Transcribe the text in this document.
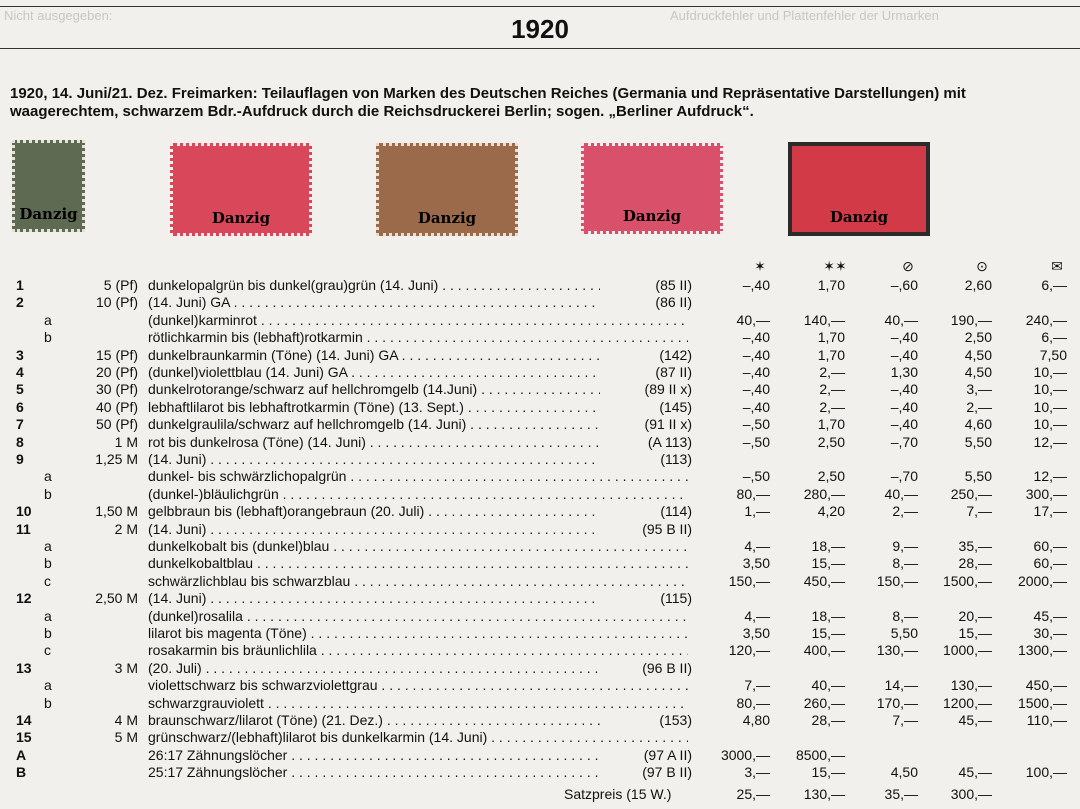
Nicht ausgegeben:	Aufdruckfehler und Plattenfehler der Urmarken
1920
1920, 14. Juni/21. Dez. Freimarken: Teilauflagen von Marken des Deutschen Reiches (Germania und Repräsentative Darstellungen) mit waagerechtem, schwarzem Bdr.-Aufdruck durch die Reichsdruckerei Berlin; sogen. „Berliner Aufdruck“.
Danzig	Danzig	Danzig	Danzig	Danzig
✶	✶✶	⊘	⊙	✉
1	5 (Pf) dunkelopalgrün bis dunkel(grau)grün (14. Juni) . . .	(85 II)	–,40	1,70	–,60	2,60	6,—
2	10 (Pf) (14. Juni) GA . . .	(86 II)
a	(dunkel)karminrot . . .	40,—	140,—	40,—	190,—	240,—
b	rötlichkarmin bis (lebhaft)rotkarmin . . .	–,40	1,70	–,40	2,50	6,—
3	15 (Pf) dunkelbraunkarmin (Töne) (14. Juni) GA . . .	(142)	–,40	1,70	–,40	4,50	7,50
4	20 (Pf) (dunkel)violettblau (14. Juni) GA . . .	(87 II)	–,40	2,—	1,30	4,50	10,—
5	30 (Pf) dunkelrotorange/schwarz auf hellchromgelb (14.Juni) . . .	(89 II x)	–,40	2,—	–,40	3,—	10,—
6	40 (Pf) lebhaftlilarot bis lebhaftrotkarmin (Töne) (13. Sept.) . . .	(145)	–,40	2,—	–,40	2,—	10,—
7	50 (Pf) dunkelgraulila/schwarz auf hellchromgelb (14. Juni) . . .	(91 II x)	–,50	1,70	–,40	4,60	10,—
8	1 M rot bis dunkelrosa (Töne) (14. Juni) . . .	(A 113)	–,50	2,50	–,70	5,50	12,—
9	1,25 M (14. Juni) . . .	(113)
a	dunkel- bis schwärzlichopalgrün . . .	–,50	2,50	–,70	5,50	12,—
b	(dunkel-)bläulichgrün . . .	80,—	280,—	40,—	250,—	300,—
10	1,50 M gelbbraun bis (lebhaft)orangebraun (20. Juli) . . .	(114)	1,—	4,20	2,—	7,—	17,—
11	2 M (14. Juni) . . .	(95 B II)
a	dunkelkobalt bis (dunkel)blau . . .	4,—	18,—	9,—	35,—	60,—
b	dunkelkobaltblau . . .	3,50	15,—	8,—	28,—	60,—
c	schwärzlichblau bis schwarzblau . . .	150,—	450,—	150,—	1500,—	2000,—
12	2,50 M (14. Juni) . . .	(115)
a	(dunkel)rosalila . . .	4,—	18,—	8,—	20,—	45,—
b	lilarot bis magenta (Töne) . . .	3,50	15,—	5,50	15,—	30,—
c	rosakarmin bis bräunlichlila . . .	120,—	400,—	130,—	1000,—	1300,—
13	3 M (20. Juli) . . .	(96 B II)
a	violettschwarz bis schwarzviolettgrau . . .	7,—	40,—	14,—	130,—	450,—
b	schwarzgrauviolett . . .	80,—	260,—	170,—	1200,—	1500,—
14	4 M braunschwarz/lilarot (Töne) (21. Dez.) . . .	(153)	4,80	28,—	7,—	45,—	110,—
15	5 M grünschwarz/(lebhaft)lilarot bis dunkelkarmin (14. Juni) . . .
A	26:17 Zähnungslöcher . . .	(97 A II)	3000,—	8500,—
B	25:17 Zähnungslöcher . . .	(97 B II)	3,—	15,—	4,50	45,—	100,—
Satzpreis (15 W.)	25,—	130,—	35,—	300,—
